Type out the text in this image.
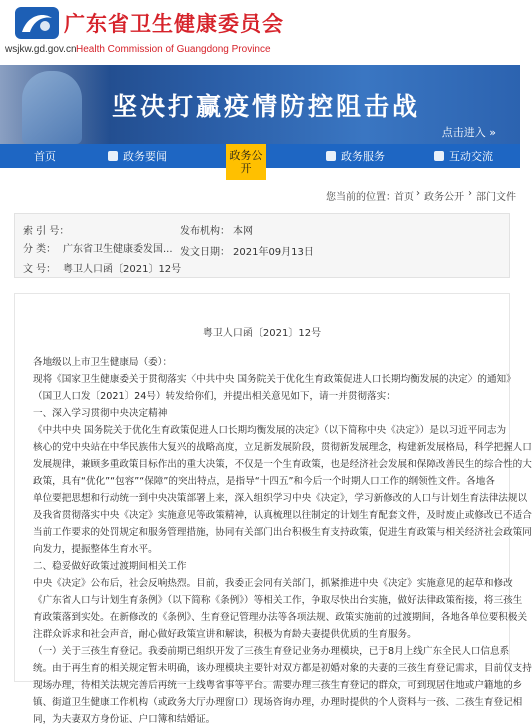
广东省卫生健康委员会
wsjkw.gd.gov.cn Health Commission of Guangdong Province
坚决打赢疫情防控阻击战
点击进入 »
首页	政务要闻	政务服务	互动交流
政务公开
您当前的位置：
首页 › 政务公开 › 部门文件
索 引 号：	发布机构： 本网
分 类： 广东省卫生健康委发国... 发文日期： 2021年09月13日
文 号： 粤卫人口函〔2021〕12号
粤卫人口函〔2021〕12号
各地级以上市卫生健康局（委）：
现将《国家卫生健康委关于贯彻落实〈中共中央 国务院关于优化生育政策促进人口长期均衡发展的决定〉的通知》
（国卫人口发〔2021〕24号）转发给你们，并提出相关意见如下，请一并贯彻落实：
一、深入学习贯彻中央决定精神
《中共中央 国务院关于优化生育政策促进人口长期均衡发展的决定》（以下简称中央《决定》）是以习近平同志为
核心的党中央站在中华民族伟大复兴的战略高度，立足新发展阶段，贯彻新发展理念，构建新发展格局，科学把握人口
发展规律，兼顾多重政策目标作出的重大决策，不仅是一个生育政策，也是经济社会发展和保障改善民生的综合性的大
政策，具有“优化”“包容”“保障”的突出特点，是指导“十四五”和今后一个时期人口工作的纲领性文件。各地各
单位要把思想和行动统一到中央决策部署上来，深入组织学习中央《决定》，学习新修改的人口与计划生育法律法规以
及我省贯彻落实中央《决定》实施意见等政策精神，认真梳理以往制定的计划生育配套文件，及时废止或修改已不适合
当前工作要求的处罚规定和服务管理措施，协同有关部门出台积极生育支持政策，促进生育政策与相关经济社会政策同
向发力，提振整体生育水平。
二、稳妥做好政策过渡期间相关工作
中央《决定》公布后，社会反响热烈。目前，我委正会同有关部门，抓紧推进中央《决定》实施意见的起草和修改
《广东省人口与计划生育条例》（以下简称《条例》）等相关工作，争取尽快出台实施，做好法律政策衔接，将三孩生
育政策落到实处。在新修改的《条例》、生育登记管理办法等各项法规、政策实施前的过渡期间，各地各单位要积极关
注群众诉求和社会声音，耐心做好政策宣讲和解读，积极为育龄夫妻提供优质的生育服务。
（一）关于三孩生育登记。我委前期已组织开发了三孩生育登记业务办理模块，已于8月上线广东全民人口信息系
统。由于再生育的相关规定暂未明确，该办理模块主要针对双方都是初婚对象的夫妻的三孩生育登记需求，目前仅支持
现场办理，待相关法规完善后再统一上线粤省事等平台。需要办理三孩生育登记的群众，可到现居住地或户籍地的乡
镇、街道卫生健康工作机构（或政务大厅办理窗口）现场咨询办理，办理时提供的个人资料与一孩、二孩生育登记相
同，为夫妻双方身份证、户口簿和结婚证。
